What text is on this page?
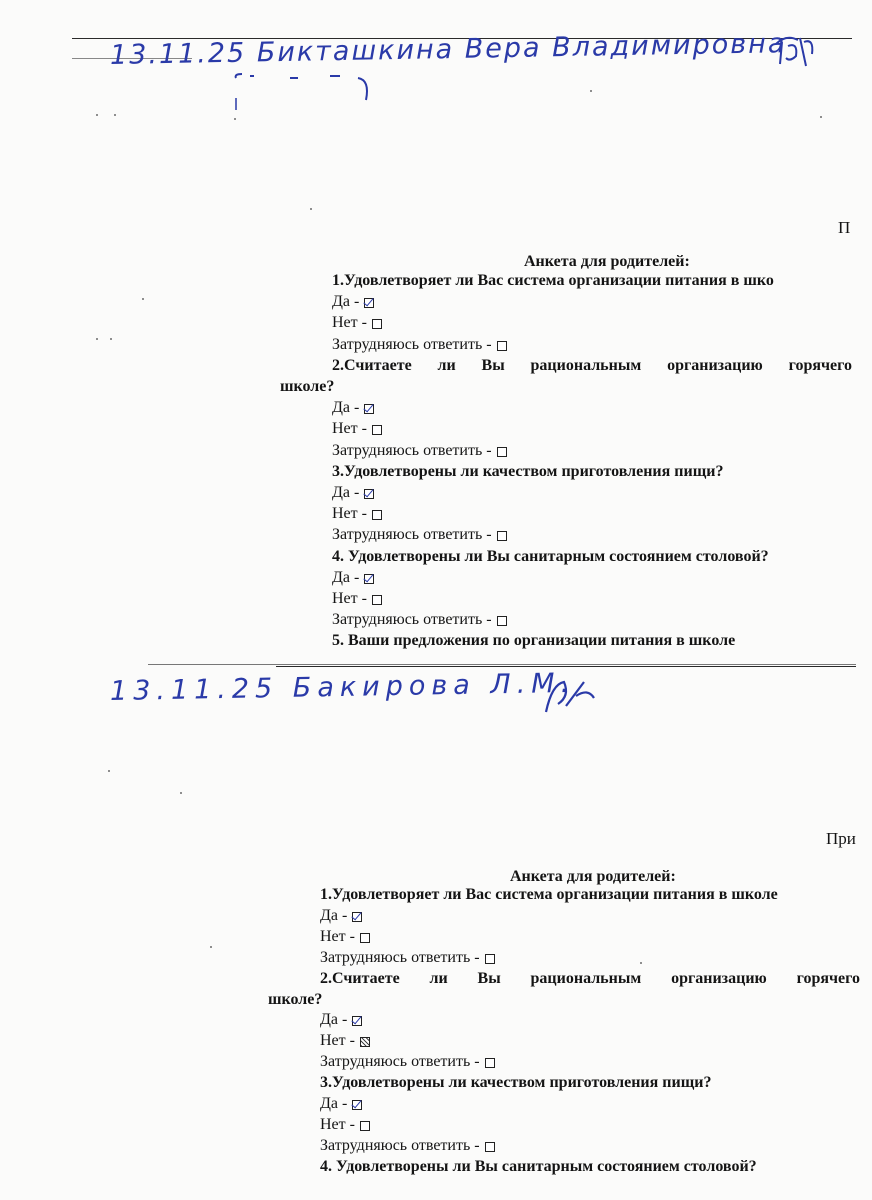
13.11.25 Бикташкина Вера Владимировна
П
Анкета для родителей:
1.Удовлетворяет ли Вас система организации питания в шко
Да -
Нет -
Затрудняюсь ответить -
2.Считаете ли Вы рациональным организацию горячего
школе?
Да -
Нет -
Затрудняюсь ответить -
3.Удовлетворены ли качеством приготовления пищи?
Да -
Нет -
Затрудняюсь ответить -
4. Удовлетворены ли Вы санитарным состоянием столовой?
Да -
Нет -
Затрудняюсь ответить -
5. Ваши предложения по организации питания в школе
13.11.25 Бакирова Л.М.
При
Анкета для родителей:
1.Удовлетворяет ли Вас система организации питания в школе
Да -
Нет -
Затрудняюсь ответить -
2.Считаете ли Вы рациональным организацию горячего
школе?
Да -
Нет -
Затрудняюсь ответить -
3.Удовлетворены ли качеством приготовления пищи?
Да -
Нет -
Затрудняюсь ответить -
4. Удовлетворены ли Вы санитарным состоянием столовой?
